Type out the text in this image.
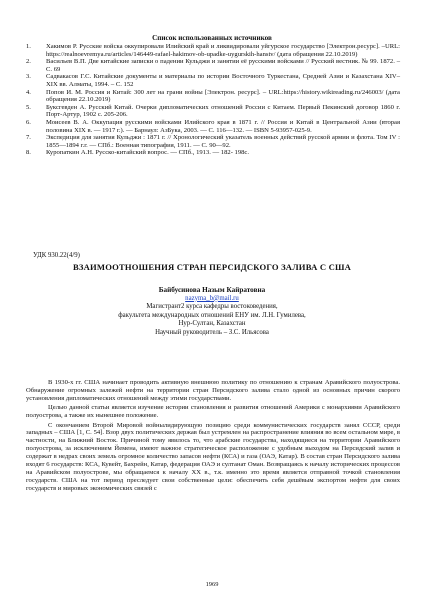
Список использованных источников
1.	Хакимов Р. Русские войска оккупировали Илийский край и ликвидировали уйгурское государство [Электрон.ресурс]. –URL: https://realnoevremya.ru/articles/146449-rafael-hakimov-ob-upadke-uygurskih-hanstv/ (дата обращения 22.10.2019)
2.	Васильев В.П. Две китайские записки о падении Кульджи и занятии её русскими войсками // Русский вестник. № 99. 1872. – С. 69
3.	Садвакасов Г.С. Китайские документы и материалы по истории Восточного Туркестана, Средней Азии и Казахстана XIV–XIX вв. Алматы, 1994. – С. 152
4.	Попов И. М. Россия и Китай: 300 лет на грани войны [Электрон. ресурс]. – URL:https://history.wikireading.ru/246003/ (дата обращения 22.10.2019)
5.	Буксгевден А. Русский Китай. Очерки дипломатических отношений России с Китаем. Первый Пекинский договор 1860 г. Порт-Артур, 1902 с. 205-206.
6.	Моисеев В. А. Оккупация русскими войсками Илийского края в 1871 г. // Россия и Китай в Центральной Азии (вторая половина XIX в. — 1917 г.). — Барнаул: АзБука, 2003. — С. 116—132. — ISBN 5-93957-025-9.
7.	Экспедиция для занятия Кульджи : 1871 г. // Хронологический указатель военных действий русской армии и флота. Том IV : 1855—1894 г.г. — СПб.: Военная типография, 1911. — С. 90—92.
8.	Куропаткин А.Н. Русско-китайский вопрос. — СПб., 1913. — 182- 198с.
УДК 930.22(4/9)
ВЗАИМООТНОШЕНИЯ СТРАН ПЕРСИДСКОГО ЗАЛИВА С США
Байбусинова Назым Кайратовна
nazyma_b@mail.ru
Магистрант2 курса кафедры востоковедения,
факультета международных отношений ЕНУ им. Л.Н. Гумилева,
Нур-Султан, Казахстан
Научный руководитель – З.С. Ильясова

В 1930-х гг. США начинает проводить активную внешнюю политику по отношению к странам Аравийского полуострова. Обнаружение огромных залежей нефти на территории стран Персидского залива стало одной из основных причин скорого установления дипломатических отношений между этими государствами.

Целью данной статьи является изучение истории становления и развития отношений Америки с монархиями Аравийского полуострова, а также их нынешнее положение.

С окончанием Второй Мировой войнылидирующую позицию среди коммунистических государств занял СССР, среди западных – США [1, С. 54]. Взор двух политических держав был устремлен на распространение влияния во всем остальном мире, в частности, на Ближний Восток. Причиной тому явилось то, что арабские государства, находящиеся на территории Аравийского полуострова, за исключением Йемена, имеют важное стратегическое расположение с удобным выходом на Персидский залив и содержат в недрах своих земель огромное количество запасов нефти (КСА) и газа (ОАЭ, Катар). В состав стран Персидского залива входят 6 государств: КСА, Кувейт, Бахрейн, Катар, федерация ОАЭ и султанат Оман. Возвращаясь к началу исторических процессов на Аравийском полуострове, мы обращаемся к началу XX в., т.к. именно это время является отправной точкой становления государств. США на тот период преследует свои собственные цели: обеспечить себя дешёвым экспортом нефти для своих государств и мировых экономических связей с

1969
